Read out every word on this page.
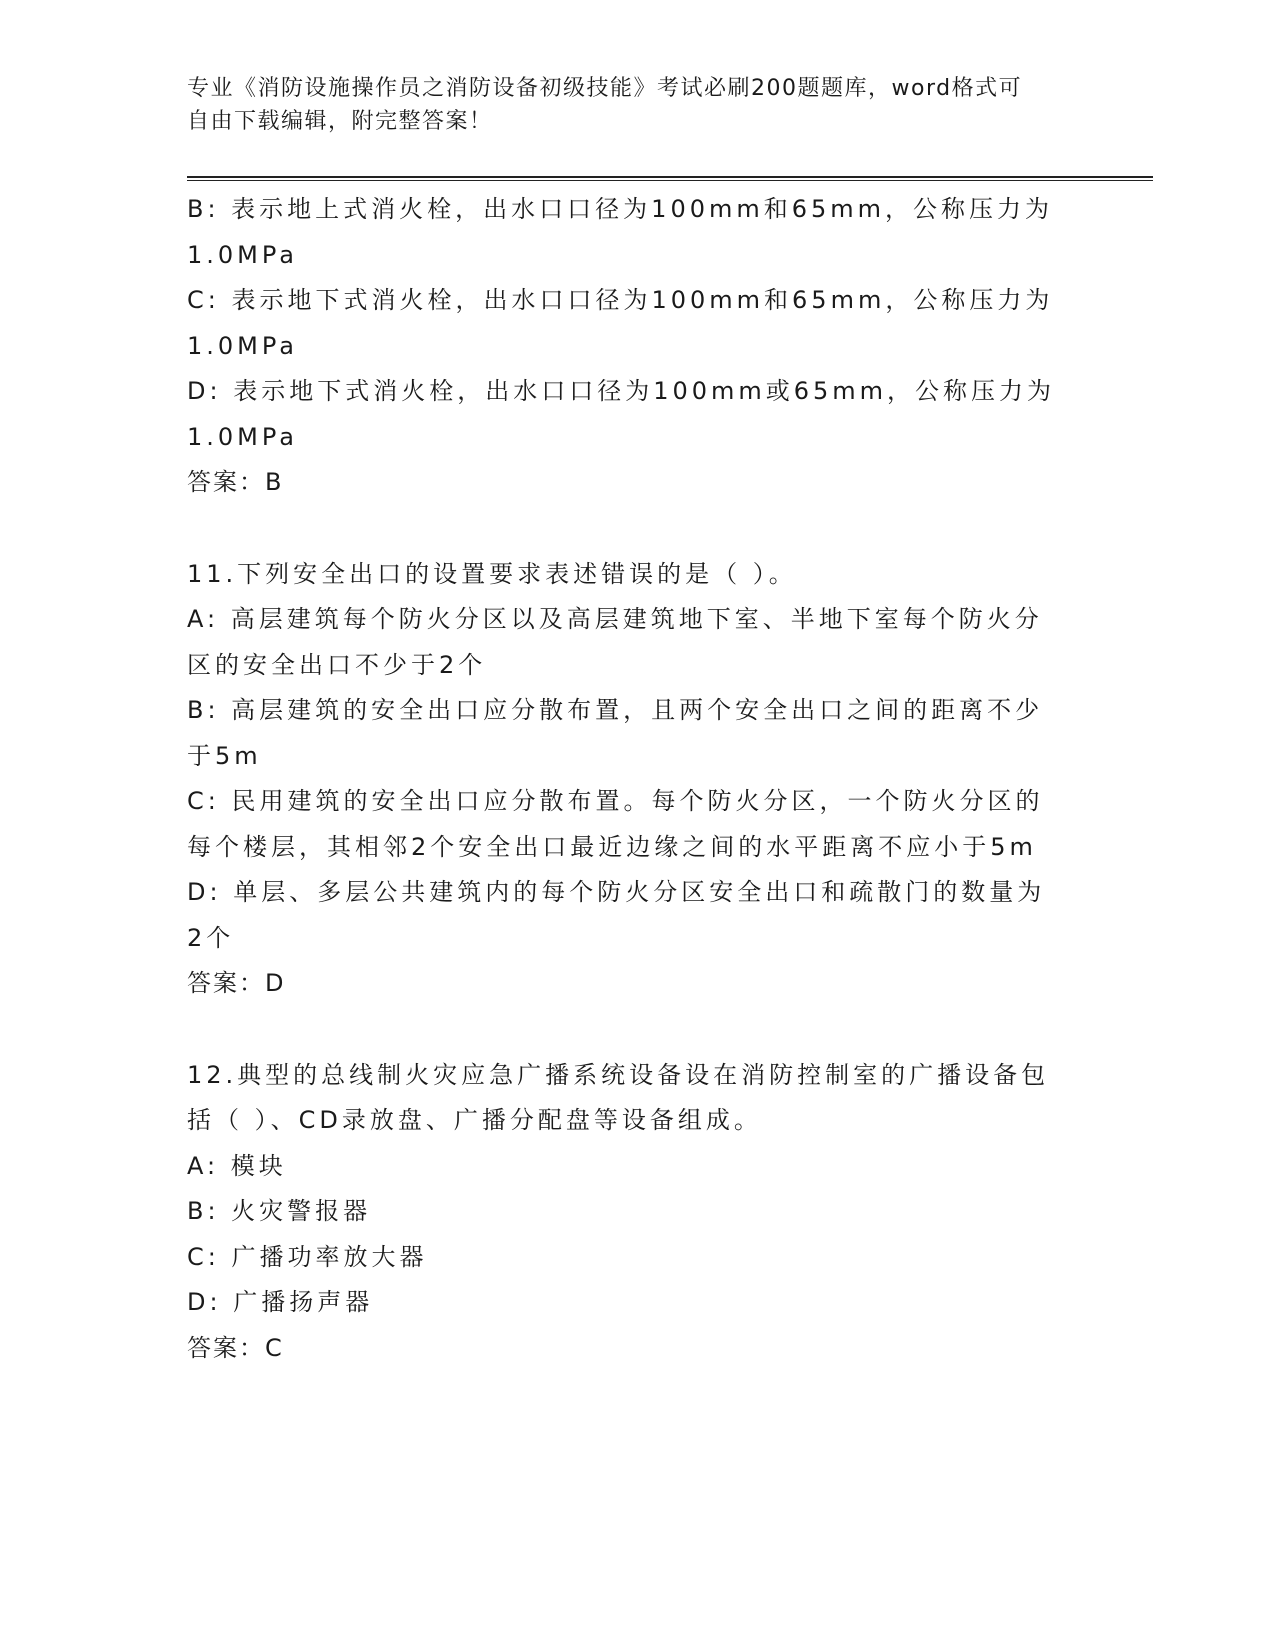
专业《消防设施操作员之消防设备初级技能》考试必刷200题题库，word格式可
自由下载编辑，附完整答案！
B: 表示地上式消火栓，出水口口径为100mm和65mm，公称压力为
1.0MPa
C: 表示地下式消火栓，出水口口径为100mm和65mm，公称压力为
1.0MPa
D: 表示地下式消火栓，出水口口径为100mm或65mm，公称压力为
1.0MPa
答案：B
11.下列安全出口的设置要求表述错误的是（ ）。
A: 高层建筑每个防火分区以及高层建筑地下室、半地下室每个防火分
区的安全出口不少于2个
B: 高层建筑的安全出口应分散布置，且两个安全出口之间的距离不少
于5m
C: 民用建筑的安全出口应分散布置。每个防火分区，一个防火分区的
每个楼层，其相邻2个安全出口最近边缘之间的水平距离不应小于5m
D: 单层、多层公共建筑内的每个防火分区安全出口和疏散门的数量为
2个
答案：D
12.典型的总线制火灾应急广播系统设备设在消防控制室的广播设备包
括（ ）、CD录放盘、广播分配盘等设备组成。
A: 模块
B: 火灾警报器
C: 广播功率放大器
D: 广播扬声器
答案：C
